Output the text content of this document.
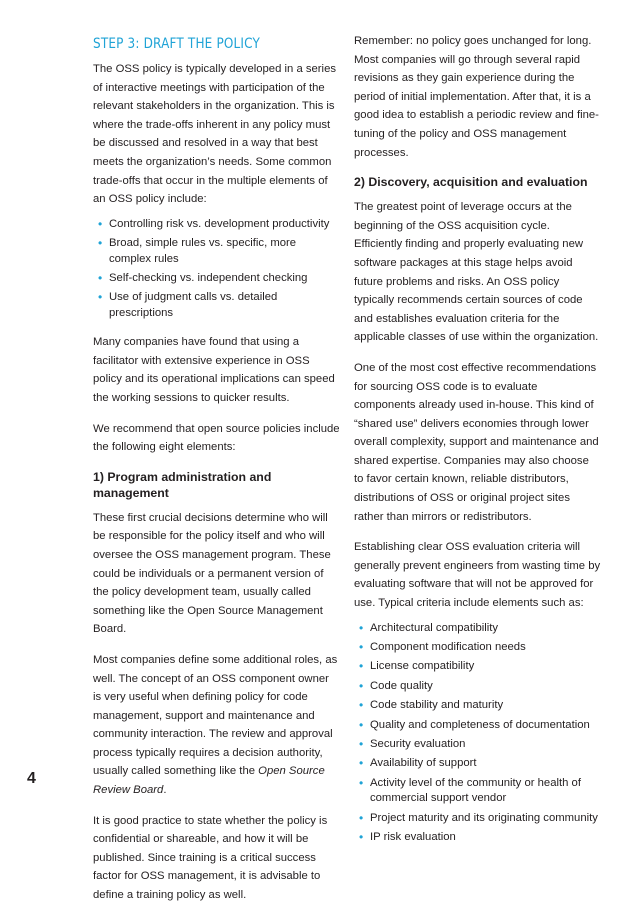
STEP 3: DRAFT THE POLICY

The OSS policy is typically developed in a series of interactive meetings with participation of the relevant stakeholders in the organization. This is where the trade-offs inherent in any policy must be discussed and resolved in a way that best meets the organization’s needs. Some common trade-offs that occur in the multiple elements of an OSS policy include:

• Controlling risk vs. development productivity
• Broad, simple rules vs. specific, more complex rules
• Self-checking vs. independent checking
• Use of judgment calls vs. detailed prescriptions

Many companies have found that using a facilitator with extensive experience in OSS policy and its operational implications can speed the working sessions to quicker results.

We recommend that open source policies include the following eight elements:

1) Program administration and management

These first crucial decisions determine who will be responsible for the policy itself and who will oversee the OSS management program. These could be individuals or a permanent version of the policy development team, usually called something like the Open Source Management Board.

Most companies define some additional roles, as well. The concept of an OSS component owner is very useful when defining policy for code management, support and maintenance and community interaction. The review and approval process typically requires a decision authority, usually called something like the Open Source Review Board.

It is good practice to state whether the policy is confidential or shareable, and how it will be published. Since training is a critical success factor for OSS management, it is advisable to define a training policy as well.

Remember: no policy goes unchanged for long. Most companies will go through several rapid revisions as they gain experience during the period of initial implementation. After that, it is a good idea to establish a periodic review and fine-tuning of the policy and OSS management processes.

2) Discovery, acquisition and evaluation

The greatest point of leverage occurs at the beginning of the OSS acquisition cycle. Efficiently finding and properly evaluating new software packages at this stage helps avoid future problems and risks. An OSS policy typically recommends certain sources of code and establishes evaluation criteria for the applicable classes of use within the organization.

One of the most cost effective recommendations for sourcing OSS code is to evaluate components already used in-house. This kind of “shared use” delivers economies through lower overall complexity, support and maintenance and shared expertise. Companies may also choose to favor certain known, reliable distributors, distributions of OSS or original project sites rather than mirrors or redistributors.

Establishing clear OSS evaluation criteria will generally prevent engineers from wasting time by evaluating software that will not be approved for use. Typical criteria include elements such as:

• Architectural compatibility
• Component modification needs
• License compatibility
• Code quality
• Code stability and maturity
• Quality and completeness of documentation
• Security evaluation
• Availability of support
• Activity level of the community or health of commercial support vendor
• Project maturity and its originating community
• IP risk evaluation
4
